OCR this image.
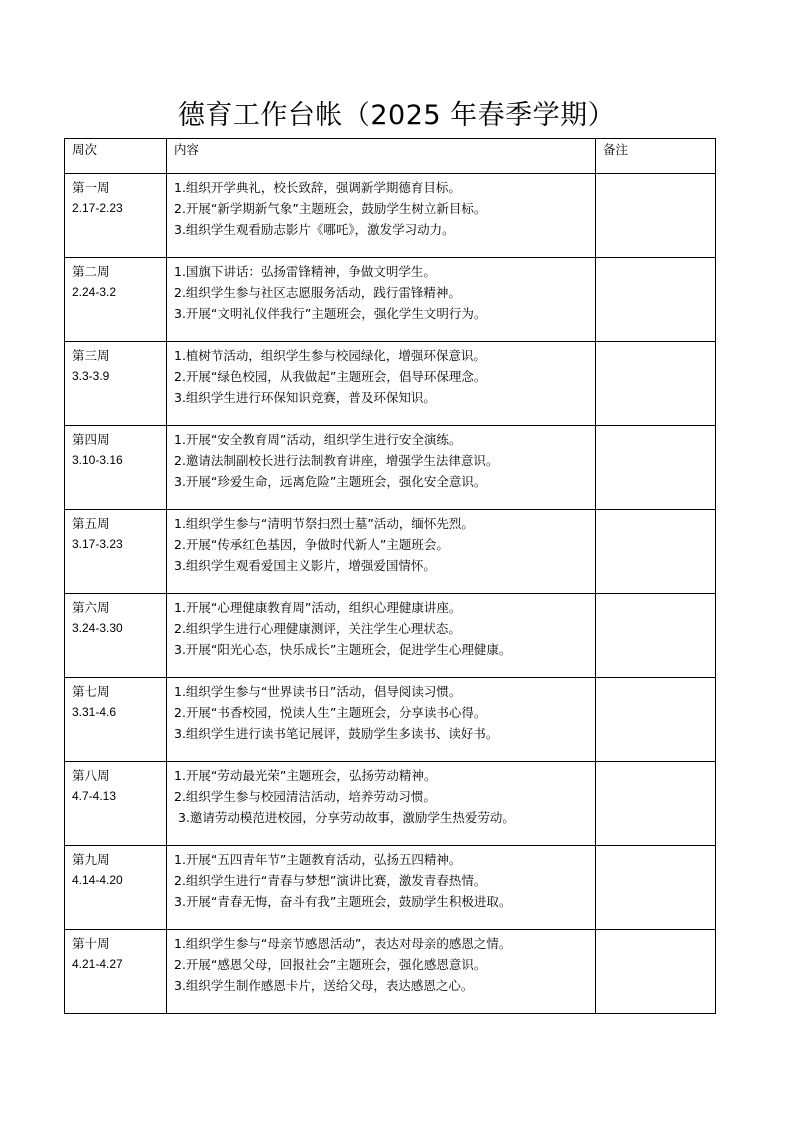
德育工作台帐（2025 年春季学期）
周次	内容	备注

第一周
2.17-2.23	1.组织开学典礼，校长致辞，强调新学期德育目标。
2.开展“新学期新气象”主题班会，鼓励学生树立新目标。
3.组织学生观看励志影片《哪吒》，激发学习动力。	

第二周
2.24-3.2	1.国旗下讲话：弘扬雷锋精神，争做文明学生。
2.组织学生参与社区志愿服务活动，践行雷锋精神。
3.开展“文明礼仪伴我行”主题班会，强化学生文明行为。	

第三周
3.3-3.9	1.植树节活动，组织学生参与校园绿化，增强环保意识。
2.开展“绿色校园，从我做起”主题班会，倡导环保理念。
3.组织学生进行环保知识竞赛，普及环保知识。	

第四周
3.10-3.16	1.开展“安全教育周”活动，组织学生进行安全演练。
2.邀请法制副校长进行法制教育讲座，增强学生法律意识。
3.开展“珍爱生命，远离危险”主题班会，强化安全意识。	

第五周
3.17-3.23	1.组织学生参与“清明节祭扫烈士墓”活动，缅怀先烈。
2.开展“传承红色基因，争做时代新人”主题班会。
3.组织学生观看爱国主义影片，增强爱国情怀。	

第六周
3.24-3.30	1.开展“心理健康教育周”活动，组织心理健康讲座。
2.组织学生进行心理健康测评，关注学生心理状态。
3.开展“阳光心态，快乐成长”主题班会，促进学生心理健康。	

第七周
3.31-4.6	1.组织学生参与“世界读书日”活动，倡导阅读习惯。
2.开展“书香校园，悦读人生”主题班会，分享读书心得。
3.组织学生进行读书笔记展评，鼓励学生多读书、读好书。	

第八周
4.7-4.13	1.开展“劳动最光荣”主题班会，弘扬劳动精神。
2.组织学生参与校园清洁活动，培养劳动习惯。
3.邀请劳动模范进校园，分享劳动故事，激励学生热爱劳动。	

第九周
4.14-4.20	1.开展“五四青年节”主题教育活动，弘扬五四精神。
2.组织学生进行“青春与梦想”演讲比赛，激发青春热情。
3.开展“青春无悔，奋斗有我”主题班会，鼓励学生积极进取。	

第十周
4.21-4.27	1.组织学生参与“母亲节感恩活动”，表达对母亲的感恩之情。
2.开展“感恩父母，回报社会”主题班会，强化感恩意识。
3.组织学生制作感恩卡片，送给父母，表达感恩之心。	
